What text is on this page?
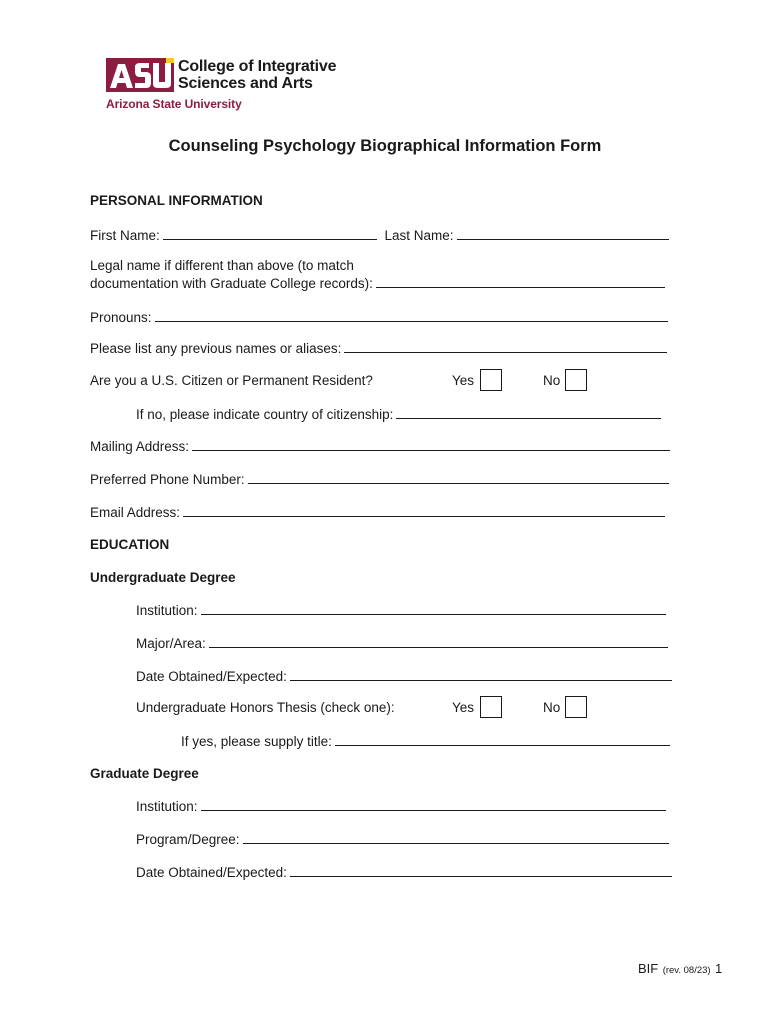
College of Integrative
Sciences and Arts
Arizona State University
Counseling Psychology Biographical Information Form
PERSONAL INFORMATION
First Name:	Last Name:
Legal name if different than above (to match
documentation with Graduate College records):
Pronouns:
Please list any previous names or aliases:
Are you a U.S. Citizen or Permanent Resident?	Yes	No
If no, please indicate country of citizenship:
Mailing Address:
Preferred Phone Number:
Email Address:
EDUCATION
Undergraduate Degree
Institution:
Major/Area:
Date Obtained/Expected:
Undergraduate Honors Thesis (check one):	Yes	No
If yes, please supply title:
Graduate Degree
Institution:
Program/Degree:
Date Obtained/Expected:
BIF (rev. 08/23) 1
